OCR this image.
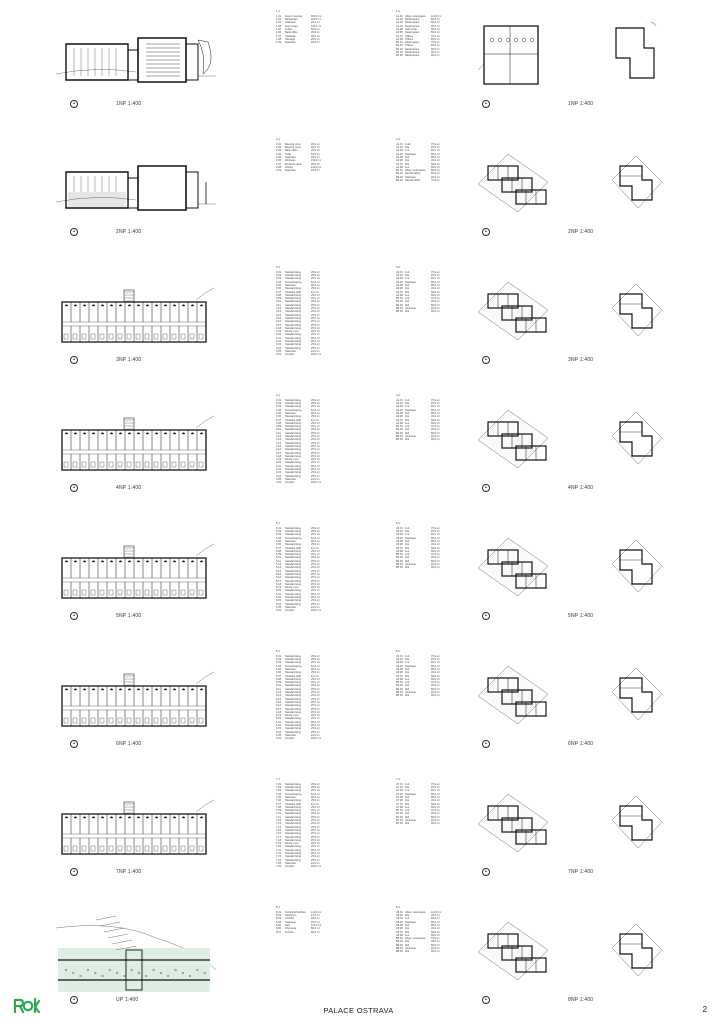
1NP 1:400
1.1
1.01	Foyer / Lounge	180,0 m²
1.02	Restaurant	220,0 m²
1.03	Staircase	20,0 m²
1.04	Event Area	120,0 m²
1.05	Lobby	60,0 m²
1.06	Back office	45,0 m²
1.07	Vestibule	30,0 m²
1.08	Passage	25,0 m²
1.09	Staircase	18,0 m²
1.2
A1.01 Shop / workspace	120,0 m²
A1.02 Retail space	80,0 m²
A1.03 Retail space	60,0 m²
A1.04 Retail space	45,0 m²
A1.05 Café shop	90,0 m²
A1.06 Retail space	50,0 m²
A1.07 Offices	70,0 m²
A1.08 Offices	65,0 m²
B1.01 Retail space	75,0 m²
B1.02 Offices	60,0 m²
B1.03 Retail space	55,0 m²
B1.04 Retail space	40,0 m²
B1.05 Retail space	45,0 m²
1NP 1:400
2NP 1:400
2.1
2.01	Meeting room	45,0 m²
2.02	Meeting room	60,0 m²
2.03	Back office	30,0 m²
2.04	Toilet	15,0 m²
2.05	Staircase	20,0 m²
2.06	Wellness	150,0 m²
2.07	Entrance area	35,0 m²
2.08	Library	120,0 m²
2.09	Staircase	18,0 m²
2.2
A2.01 3+kk	75,0 m²
A2.02 2kk	45,0 m²
A2.03 2+1	60,0 m²
A2.04 Staircase	20,0 m²
A2.05 4kk	95,0 m²
A2.06 1kk	32,0 m²
A2.07 2kk	48,0 m²
A2.08 2+1	58,0 m²
B2.01 Shop / workspace	80,0 m²
B2.02 Rented office	65,0 m²
B2.03 Staircase	20,0 m²
B2.04 Rented office	70,0 m²
2NP 1:400
3NP 1:400
3.1
3.01	Standard king	25,0 m²
3.02	Standard king	25,0 m²
3.03	Standard king	25,0 m²
3.04	Housekeeping	12,0 m²
3.05	Staircase	20,0 m²
3.06	Standard king	25,0 m²
3.07	Cleaning staff	8,0 m²
3.08	Standard king	25,0 m²
3.09	Standard king	25,0 m²
3.10	Standard king	25,0 m²
3.11	Standard king	25,0 m²
3.12	Standard king	25,0 m²
3.13	Standard king	25,0 m²
3.14	Standard king	25,0 m²
3.15	Standard king	25,0 m²
3.16	Standard king	25,0 m²
3.17	Standard king	25,0 m²
3.18	Standard king	25,0 m²
3.19	Family room	40,0 m²
3.20	Standard king	25,0 m²
3.21	Standard king	25,0 m²
3.22	Standard king	25,0 m²
3.23	Standard king	25,0 m²
3.24	Standard king	25,0 m²
3.25	Staircase	18,0 m²
3.26	Corridor	180,0 m²
3.2
A3.01 3+1	75,0 m²
A3.02 2kk	45,0 m²
A3.03 2+1	60,0 m²
A3.04 Staircase	20,0 m²
A3.05 4kk	95,0 m²
A3.06 1kk	32,0 m²
A3.07 2kk	48,0 m²
A3.08 2+1	58,0 m²
B3.01 2+1	70,0 m²
B3.02 1kk	30,0 m²
B3.03 3kk	80,0 m²
B3.04 Staircase	20,0 m²
B3.05 2kk	45,0 m²
3NP 1:400
4NP 1:400
4.1
4.01	Standard king	25,0 m²
4.02	Standard king	25,0 m²
4.03	Standard king	25,0 m²
4.04	Housekeeping	12,0 m²
4.05	Staircase	20,0 m²
4.06	Standard king	25,0 m²
4.07	Cleaning staff	8,0 m²
4.08	Standard king	25,0 m²
4.09	Standard king	25,0 m²
4.10	Standard king	25,0 m²
4.11	Standard king	25,0 m²
4.12	Standard king	25,0 m²
4.13	Standard king	25,0 m²
4.14	Standard king	25,0 m²
4.15	Standard king	25,0 m²
4.16	Standard king	25,0 m²
4.17	Standard king	25,0 m²
4.18	Standard king	25,0 m²
4.19	Family room	40,0 m²
4.20	Standard king	25,0 m²
4.21	Standard king	25,0 m²
4.22	Standard king	25,0 m²
4.23	Standard king	25,0 m²
4.24	Standard king	25,0 m²
4.25	Staircase	18,0 m²
4.26	Corridor	180,0 m²
4.2
A4.01 3+1	75,0 m²
A4.02 2kk	45,0 m²
A4.03 2+1	60,0 m²
A4.04 Staircase	20,0 m²
A4.05 4kk	95,0 m²
A4.06 1kk	32,0 m²
A4.07 2kk	48,0 m²
A4.08 2+1	58,0 m²
B4.01 2+1	70,0 m²
B4.02 1kk	30,0 m²
B4.03 3kk	80,0 m²
B4.04 Staircase	20,0 m²
B4.05 2kk	45,0 m²
4NP 1:400
5NP 1:400
5.1
5.01	Standard king	25,0 m²
5.02	Standard king	25,0 m²
5.03	Standard king	25,0 m²
5.04	Housekeeping	12,0 m²
5.05	Staircase	20,0 m²
5.06	Standard king	25,0 m²
5.07	Cleaning staff	8,0 m²
5.08	Standard king	25,0 m²
5.09	Standard king	25,0 m²
5.10	Standard king	25,0 m²
5.11	Standard king	25,0 m²
5.12	Standard king	25,0 m²
5.13	Standard king	25,0 m²
5.14	Standard king	25,0 m²
5.15	Standard king	25,0 m²
5.16	Standard king	25,0 m²
5.17	Standard king	25,0 m²
5.18	Standard king	25,0 m²
5.19	Family room	40,0 m²
5.20	Standard king	25,0 m²
5.21	Standard king	25,0 m²
5.22	Standard king	25,0 m²
5.23	Standard king	25,0 m²
5.24	Standard king	25,0 m²
5.25	Staircase	18,0 m²
5.26	Corridor	180,0 m²
5.2
A5.01 3+1	75,0 m²
A5.02 2kk	45,0 m²
A5.03 2+1	60,0 m²
A5.04 Staircase	20,0 m²
A5.05 4kk	95,0 m²
A5.06 1kk	32,0 m²
A5.07 2kk	48,0 m²
A5.08 2+1	58,0 m²
B5.01 2+1	70,0 m²
B5.02 1kk	30,0 m²
B5.03 3kk	80,0 m²
B5.04 Staircase	20,0 m²
B5.05 2kk	45,0 m²
5NP 1:400
6NP 1:400
6.1
6.01	Standard king	25,0 m²
6.02	Standard king	25,0 m²
6.03	Standard king	25,0 m²
6.04	Housekeeping	12,0 m²
6.05	Staircase	20,0 m²
6.06	Standard king	25,0 m²
6.07	Cleaning staff	8,0 m²
6.08	Standard king	25,0 m²
6.09	Standard king	25,0 m²
6.10	Standard king	25,0 m²
6.11	Standard king	25,0 m²
6.12	Standard king	25,0 m²
6.13	Standard king	25,0 m²
6.14	Standard king	25,0 m²
6.15	Standard king	25,0 m²
6.16	Standard king	25,0 m²
6.17	Standard king	25,0 m²
6.18	Standard king	25,0 m²
6.19	Family room	40,0 m²
6.20	Standard king	25,0 m²
6.21	Standard king	25,0 m²
6.22	Standard king	25,0 m²
6.23	Standard king	25,0 m²
6.24	Standard king	25,0 m²
6.25	Staircase	18,0 m²
6.26	Corridor	180,0 m²
6.2
A6.01 3+1	75,0 m²
A6.02 2kk	45,0 m²
A6.03 2+1	60,0 m²
A6.04 Staircase	20,0 m²
A6.05 4kk	95,0 m²
A6.06 1kk	32,0 m²
A6.07 2kk	48,0 m²
A6.08 2+1	58,0 m²
B6.01 2+1	70,0 m²
B6.02 1kk	30,0 m²
B6.03 3kk	80,0 m²
B6.04 Staircase	20,0 m²
B6.05 2kk	45,0 m²
6NP 1:400
7NP 1:400
7.1
7.01	Standard king	25,0 m²
7.02	Standard king	25,0 m²
7.03	Standard king	25,0 m²
7.04	Housekeeping	12,0 m²
7.05	Staircase	20,0 m²
7.06	Standard king	25,0 m²
7.07	Cleaning staff	8,0 m²
7.08	Standard king	25,0 m²
7.09	Standard king	25,0 m²
7.10	Standard king	25,0 m²
7.11	Standard king	25,0 m²
7.12	Standard king	25,0 m²
7.13	Standard king	25,0 m²
7.14	Standard king	25,0 m²
7.15	Standard king	25,0 m²
7.16	Standard king	25,0 m²
7.17	Standard king	25,0 m²
7.18	Standard king	25,0 m²
7.19	Family room	40,0 m²
7.20	Standard king	25,0 m²
7.21	Standard king	25,0 m²
7.22	Standard king	25,0 m²
7.23	Standard king	25,0 m²
7.24	Standard king	25,0 m²
7.25	Staircase	18,0 m²
7.26	Corridor	180,0 m²
7.2
A7.01 3+1	75,0 m²
A7.02 2kk	45,0 m²
A7.03 2+1	60,0 m²
A7.04 Staircase	20,0 m²
A7.05 4kk	95,0 m²
A7.06 1kk	32,0 m²
A7.07 2kk	48,0 m²
A7.08 2+1	58,0 m²
B7.01 2+1	70,0 m²
B7.02 1kk	30,0 m²
B7.03 3kk	80,0 m²
B7.04 Staircase	20,0 m²
B7.05 2kk	45,0 m²
7NP 1:400
UP 1:400
8.1
8.01	Technical facilities	140,0 m²
8.02	Restroom	15,0 m²
8.03	Corridor	30,0 m²
8.04	Staircase	20,0 m²
8.05	Hall	120,0 m²
8.06	Pool area	80,0 m²
8.07	Terrace	60,0 m²
8.2
A8.01 Shop / workspace	120,0 m²
A8.02 2kk	45,0 m²
A8.03 2+1	60,0 m²
A8.04 Staircase	20,0 m²
A8.05 4kk	95,0 m²
A8.06 1kk	32,0 m²
A8.07 2kk	48,0 m²
A8.08 2+1	58,0 m²
B8.01 Shop / workspace	75,0 m²
B8.02 2kk	45,0 m²
B8.03 3kk	80,0 m²
B8.04 Staircase	20,0 m²
B8.05 2kk	45,0 m²
8NP 1:400
PALACE OSTRAVA	2
